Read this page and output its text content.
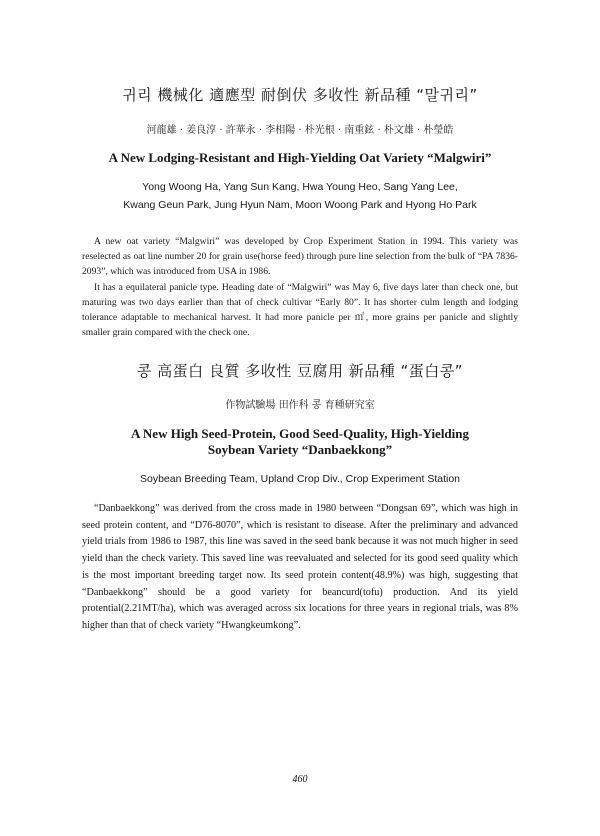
귀리 機械化 適應型 耐倒伏 多收性 新品種 “말귀리”
河龍雄 · 姜良淳 · 許華永 · 李相陽 · 朴光根 · 南重鉉 · 朴文雄 · 朴瑩皓
A New Lodging-Resistant and High-Yielding Oat Variety “Malgwiri”
Yong Woong Ha, Yang Sun Kang, Hwa Young Heo, Sang Yang Lee,
Kwang Geun Park, Jung Hyun Nam, Moon Woong Park and Hyong Ho Park

A new oat variety “Malgwiri” was developed by Crop Experiment Station in 1994. This variety was reselected as oat line number 20 for grain use(horse feed) through pure line selection from the bulk of “PA 7836-2093”, which was introduced from USA in 1986.

It has a equilateral panicle type. Heading date of “Malgwiri” was May 6, five days later than check one, but maturing was two days earlier than that of check cultivar “Early 80”. It has shorter culm length and lodging tolerance adaptable to mechanical harvest. It had more panicle per ㎡, more grains per panicle and slightly smaller grain compared with the check one.

콩 高蛋白 良質 多收性 豆腐用 新品種 “蛋白콩”
作物試驗場 田作科 콩 育種研究室
A New High Seed-Protein, Good Seed-Quality, High-Yielding
Soybean Variety “Danbaekkong”
Soybean Breeding Team, Upland Crop Div., Crop Experiment Station

“Danbaekkong” was derived from the cross made in 1980 between “Dongsan 69”, which was high in seed protein content, and “D76-8070”, which is resistant to disease. After the preliminary and advanced yield trials from 1986 to 1987, this line was saved in the seed bank because it was not much higher in seed yield than the check variety. This saved line was reevaluated and selected for its good seed quality which is the most important breeding target now. Its seed protein content(48.9%) was high, suggesting that “Danbaekkong” should be a good variety for beancurd(tofu) production. And its yield protential(2.21MT/ha), which was averaged across six locations for three years in regional trials, was 8% higher than that of check variety “Hwangkeumkong”.

460
